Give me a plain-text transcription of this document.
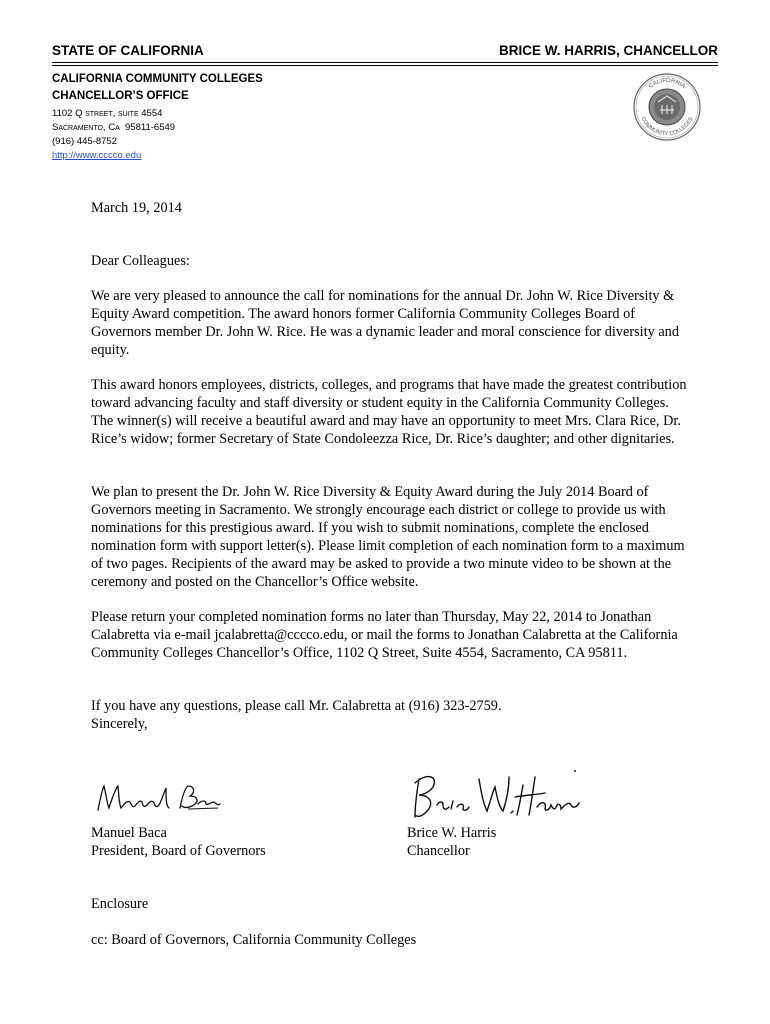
STATE OF CALIFORNIA	BRICE W. HARRIS, CHANCELLOR
CALIFORNIA COMMUNITY COLLEGES
CHANCELLOR’S OFFICE
1102 Q street, suite 4554
Sacramento, Ca  95811-6549
(916) 445-8752
http://www.cccco.edu
CALIFORNIA
COMMUNITY COLLEGES
March 19, 2014
Dear Colleagues:

We are very pleased to announce the call for nominations for the annual Dr. John W. Rice Diversity & Equity Award competition. The award honors former California Community Colleges Board of Governors member Dr. John W. Rice. He was a dynamic leader and moral conscience for diversity and equity.

This award honors employees, districts, colleges, and programs that have made the greatest contribution toward advancing faculty and staff diversity or student equity in the California Community Colleges. The winner(s) will receive a beautiful award and may have an opportunity to meet Mrs. Clara Rice, Dr. Rice’s widow; former Secretary of State Condoleezza Rice, Dr. Rice’s daughter; and other dignitaries.

We plan to present the Dr. John W. Rice Diversity & Equity Award during the July 2014 Board of Governors meeting in Sacramento. We strongly encourage each district or college to provide us with nominations for this prestigious award. If you wish to submit nominations, complete the enclosed nomination form with support letter(s). Please limit completion of each nomination form to a maximum of two pages. Recipients of the award may be asked to provide a two minute video to be shown at the ceremony and posted on the Chancellor’s Office website.

Please return your completed nomination forms no later than Thursday, May 22, 2014 to Jonathan Calabretta via e-mail jcalabretta@cccco.edu, or mail the forms to Jonathan Calabretta at the California Community Colleges Chancellor’s Office, 1102 Q Street, Suite 4554, Sacramento, CA 95811.

If you have any questions, please call Mr. Calabretta at (916) 323-2759.
Sincerely,
Manuel Baca
President, Board of Governors
Brice W. Harris
Chancellor
Enclosure
cc: Board of Governors, California Community Colleges
